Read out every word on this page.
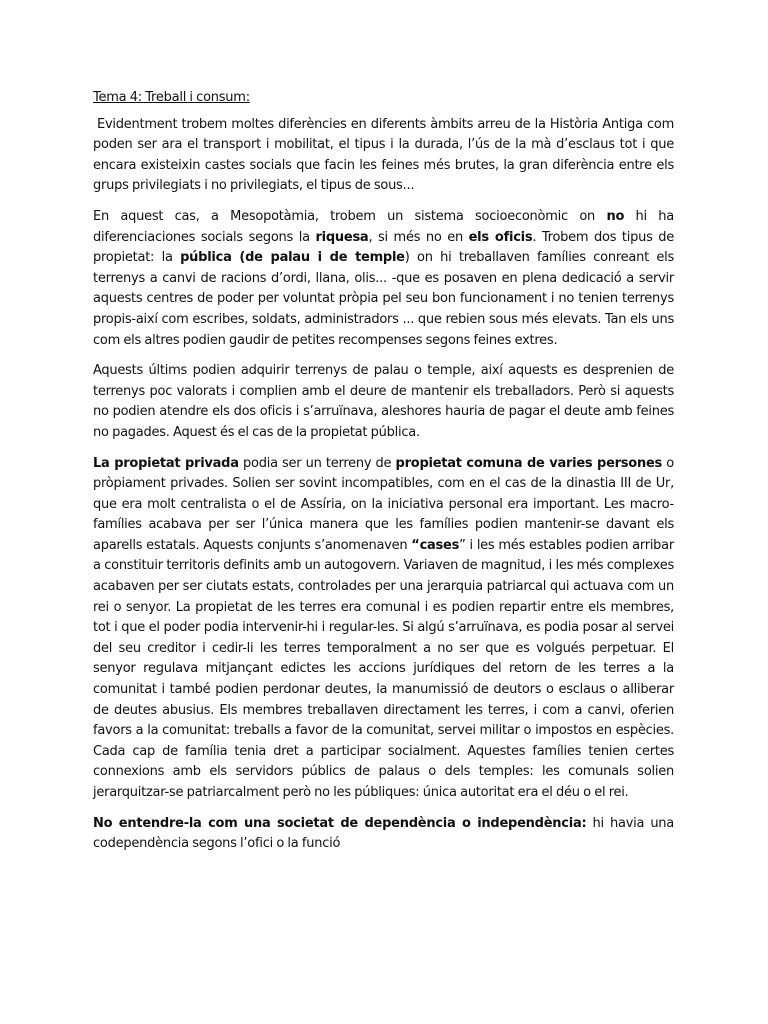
Tema 4: Treball i consum:

Evidentment trobem moltes diferències en diferents àmbits arreu de la Història Antiga com poden ser ara el transport i mobilitat, el tipus i la durada, l’ús de la mà d’esclaus tot i que encara existeixin castes socials que facin les feines més brutes, la gran diferència entre els grups privilegiats i no privilegiats, el tipus de sous...

En aquest cas, a Mesopotàmia, trobem un sistema socioeconòmic on no hi ha diferenciaciones socials segons la riquesa, si més no en els oficis. Trobem dos tipus de propietat: la pública (de palau i de temple) on hi treballaven famílies conreant els terrenys a canvi de racions d’ordi, llana, olis... -que es posaven en plena dedicació a servir aquests centres de poder per voluntat pròpia pel seu bon funcionament i no tenien terrenys propis-així com escribes, soldats, administradors ... que rebien sous més elevats. Tan els uns com els altres podien gaudir de petites recompenses segons feines extres.

Aquests últims podien adquirir terrenys de palau o temple, així aquests es desprenien de terrenys poc valorats i complien amb el deure de mantenir els treballadors. Però si aquests no podien atendre els dos oficis i s’arruïnava, aleshores hauria de pagar el deute amb feines no pagades. Aquest és el cas de la propietat pública.

La propietat privada podia ser un terreny de propietat comuna de varies persones o pròpiament privades. Solien ser sovint incompatibles, com en el cas de la dinastia III de Ur, que era molt centralista o el de Assíria, on la iniciativa personal era important. Les macro-famílies acabava per ser l’única manera que les famílies podien mantenir-se davant els aparells estatals. Aquests conjunts s’anomenaven “cases” i les més estables podien arribar a constituir territoris definits amb un autogovern. Variaven de magnitud, i les més complexes acabaven per ser ciutats estats, controlades per una jerarquia patriarcal qui actuava com un rei o senyor. La propietat de les terres era comunal i es podien repartir entre els membres, tot i que el poder podia intervenir-hi i regular-les. Si algú s’arruïnava, es podia posar al servei del seu creditor i cedir-li les terres temporalment a no ser que es volgués perpetuar. El senyor regulava mitjançant edictes les accions jurídiques del retorn de les terres a la comunitat i també podien perdonar deutes, la manumissió de deutors o esclaus o alliberar de deutes abusius. Els membres treballaven directament les terres, i com a canvi, oferien favors a la comunitat: treballs a favor de la comunitat, servei militar o impostos en espècies. Cada cap de família tenia dret a participar socialment. Aquestes famílies tenien certes connexions amb els servidors públics de palaus o dels temples: les comunals solien jerarquitzar-se patriarcalment però no les públiques: única autoritat era el déu o el rei.

No entendre-la com una societat de dependència o independència: hi havia una codependència segons l’ofici o la funció
